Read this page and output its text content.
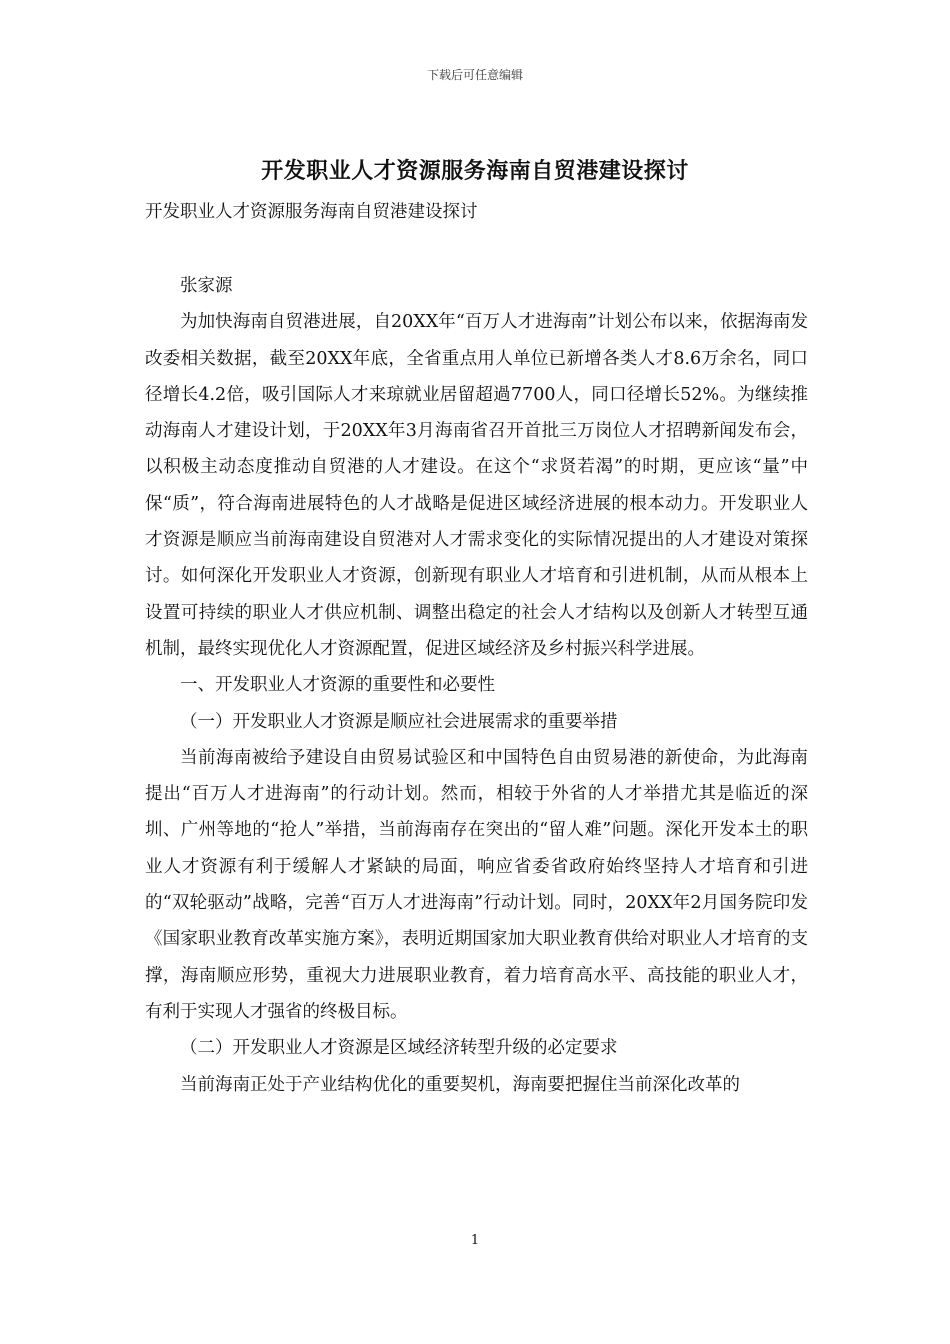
下载后可任意编辑
开发职业人才资源服务海南自贸港建设探讨
开发职业人才资源服务海南自贸港建设探讨

张家源

为加快海南自贸港进展，自20XX年“百万人才进海南”计划公布以来，依据海南发改委相关数据，截至20XX年底，全省重点用人单位已新增各类人才8.6万余名，同口径增长4.2倍，吸引国际人才来琼就业居留超過7700人，同口径增长52%。为继续推动海南人才建设计划，于20XX年3月海南省召开首批三万岗位人才招聘新闻发布会，以积极主动态度推动自贸港的人才建设。在这个“求贤若渴”的时期，更应该“量”中保“质”，符合海南进展特色的人才战略是促进区域经济进展的根本动力。开发职业人才资源是顺应当前海南建设自贸港对人才需求变化的实际情况提出的人才建设对策探讨。如何深化开发职业人才资源，创新现有职业人才培育和引进机制，从而从根本上设置可持续的职业人才供应机制、调整出稳定的社会人才结构以及创新人才转型互通机制，最终实现优化人才资源配置，促进区域经济及乡村振兴科学进展。

一、开发职业人才资源的重要性和必要性

（一）开发职业人才资源是顺应社会进展需求的重要举措

当前海南被给予建设自由贸易试验区和中国特色自由贸易港的新使命，为此海南提出“百万人才进海南”的行动计划。然而，相较于外省的人才举措尤其是临近的深圳、广州等地的“抢人”举措，当前海南存在突出的“留人难”问题。深化开发本土的职业人才资源有利于缓解人才紧缺的局面，响应省委省政府始终坚持人才培育和引进的“双轮驱动”战略，完善“百万人才进海南”行动计划。同时，20XX年2月国务院印发《国家职业教育改革实施方案》，表明近期国家加大职业教育供给对职业人才培育的支撑，海南顺应形势，重视大力进展职业教育，着力培育高水平、高技能的职业人才，有利于实现人才强省的终极目标。

（二）开发职业人才资源是区域经济转型升级的必定要求

当前海南正处于产业结构优化的重要契机，海南要把握住当前深化改革的

1
